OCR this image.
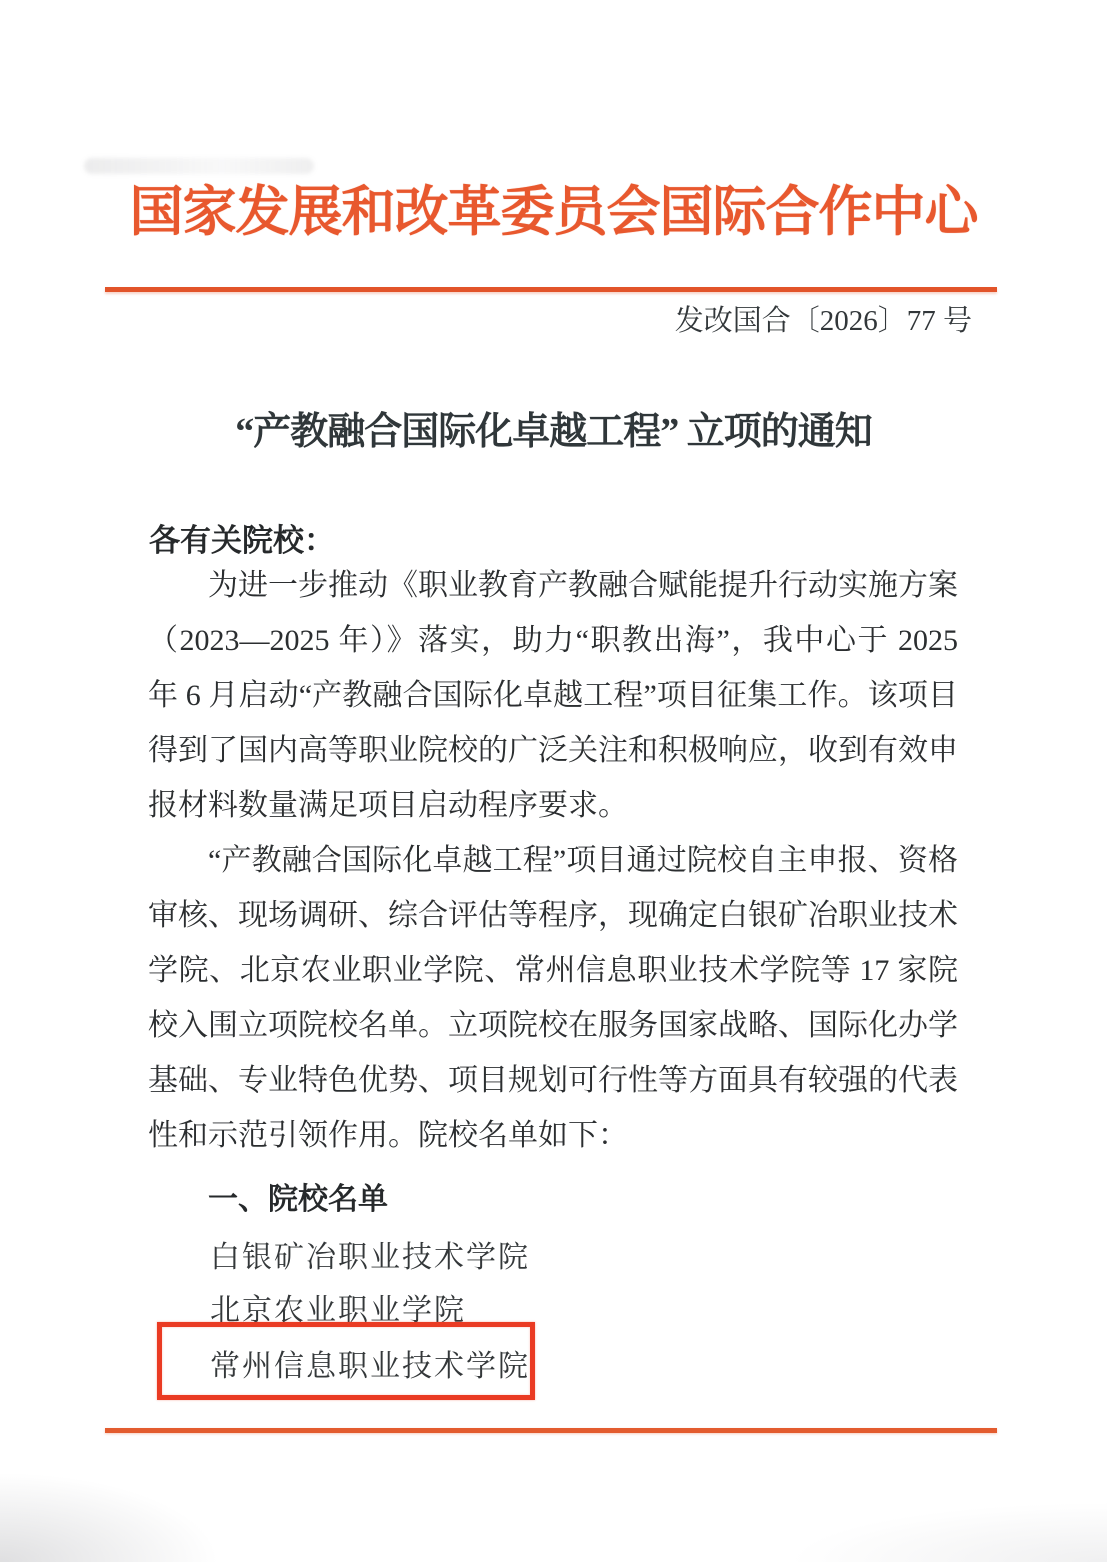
国家发展和改革委员会国际合作中心
发改国合〔2026〕77 号
“产教融合国际化卓越工程” 立项的通知
各有关院校：

为进一步推动《职业教育产教融合赋能提升行动实施方案（2023—2025 年）》落实，助力“职教出海”，我中心于 2025 年 6 月启动“产教融合国际化卓越工程”项目征集工作。该项目得到了国内高等职业院校的广泛关注和积极响应，收到有效申报材料数量满足项目启动程序要求。

“产教融合国际化卓越工程”项目通过院校自主申报、资格审核、现场调研、综合评估等程序，现确定白银矿冶职业技术学院、北京农业职业学院、常州信息职业技术学院等 17 家院校入围立项院校名单。立项院校在服务国家战略、国际化办学基础、专业特色优势、项目规划可行性等方面具有较强的代表性和示范引领作用。院校名单如下：

一、院校名单
白银矿冶职业技术学院
北京农业职业学院
常州信息职业技术学院
